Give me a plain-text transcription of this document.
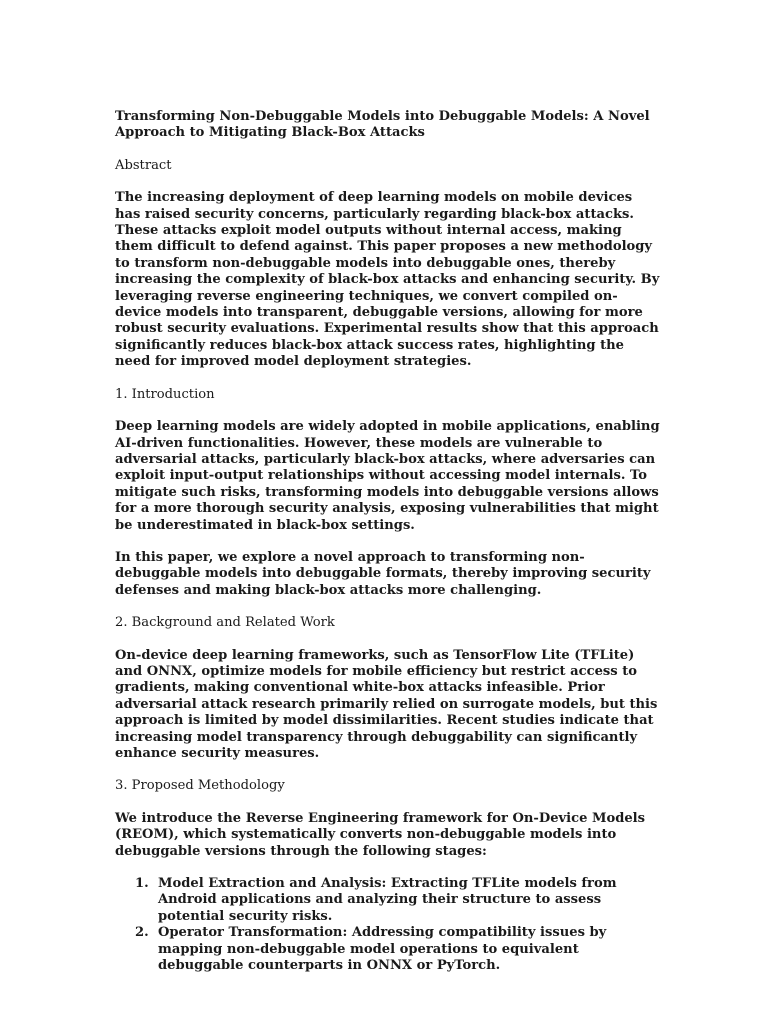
Transforming Non-Debuggable Models into Debuggable Models: A Novel Approach to Mitigating Black-Box Attacks

Abstract

The increasing deployment of deep learning models on mobile devices has raised security concerns, particularly regarding black-box attacks. These attacks exploit model outputs without internal access, making them difficult to defend against. This paper proposes a new methodology to transform non-debuggable models into debuggable ones, thereby increasing the complexity of black-box attacks and enhancing security. By leveraging reverse engineering techniques, we convert compiled on-device models into transparent, debuggable versions, allowing for more robust security evaluations. Experimental results show that this approach significantly reduces black-box attack success rates, highlighting the need for improved model deployment strategies.

1. Introduction

Deep learning models are widely adopted in mobile applications, enabling AI-driven functionalities. However, these models are vulnerable to adversarial attacks, particularly black-box attacks, where adversaries can exploit input-output relationships without accessing model internals. To mitigate such risks, transforming models into debuggable versions allows for a more thorough security analysis, exposing vulnerabilities that might be underestimated in black-box settings.

In this paper, we explore a novel approach to transforming non-debuggable models into debuggable formats, thereby improving security defenses and making black-box attacks more challenging.

2. Background and Related Work

On-device deep learning frameworks, such as TensorFlow Lite (TFLite) and ONNX, optimize models for mobile efficiency but restrict access to gradients, making conventional white-box attacks infeasible. Prior adversarial attack research primarily relied on surrogate models, but this approach is limited by model dissimilarities. Recent studies indicate that increasing model transparency through debuggability can significantly enhance security measures.

3. Proposed Methodology

We introduce the Reverse Engineering framework for On-Device Models (REOM), which systematically converts non-debuggable models into debuggable versions through the following stages:

1. Model Extraction and Analysis: Extracting TFLite models from Android applications and analyzing their structure to assess potential security risks.
2. Operator Transformation: Addressing compatibility issues by mapping non-debuggable model operations to equivalent debuggable counterparts in ONNX or PyTorch.
